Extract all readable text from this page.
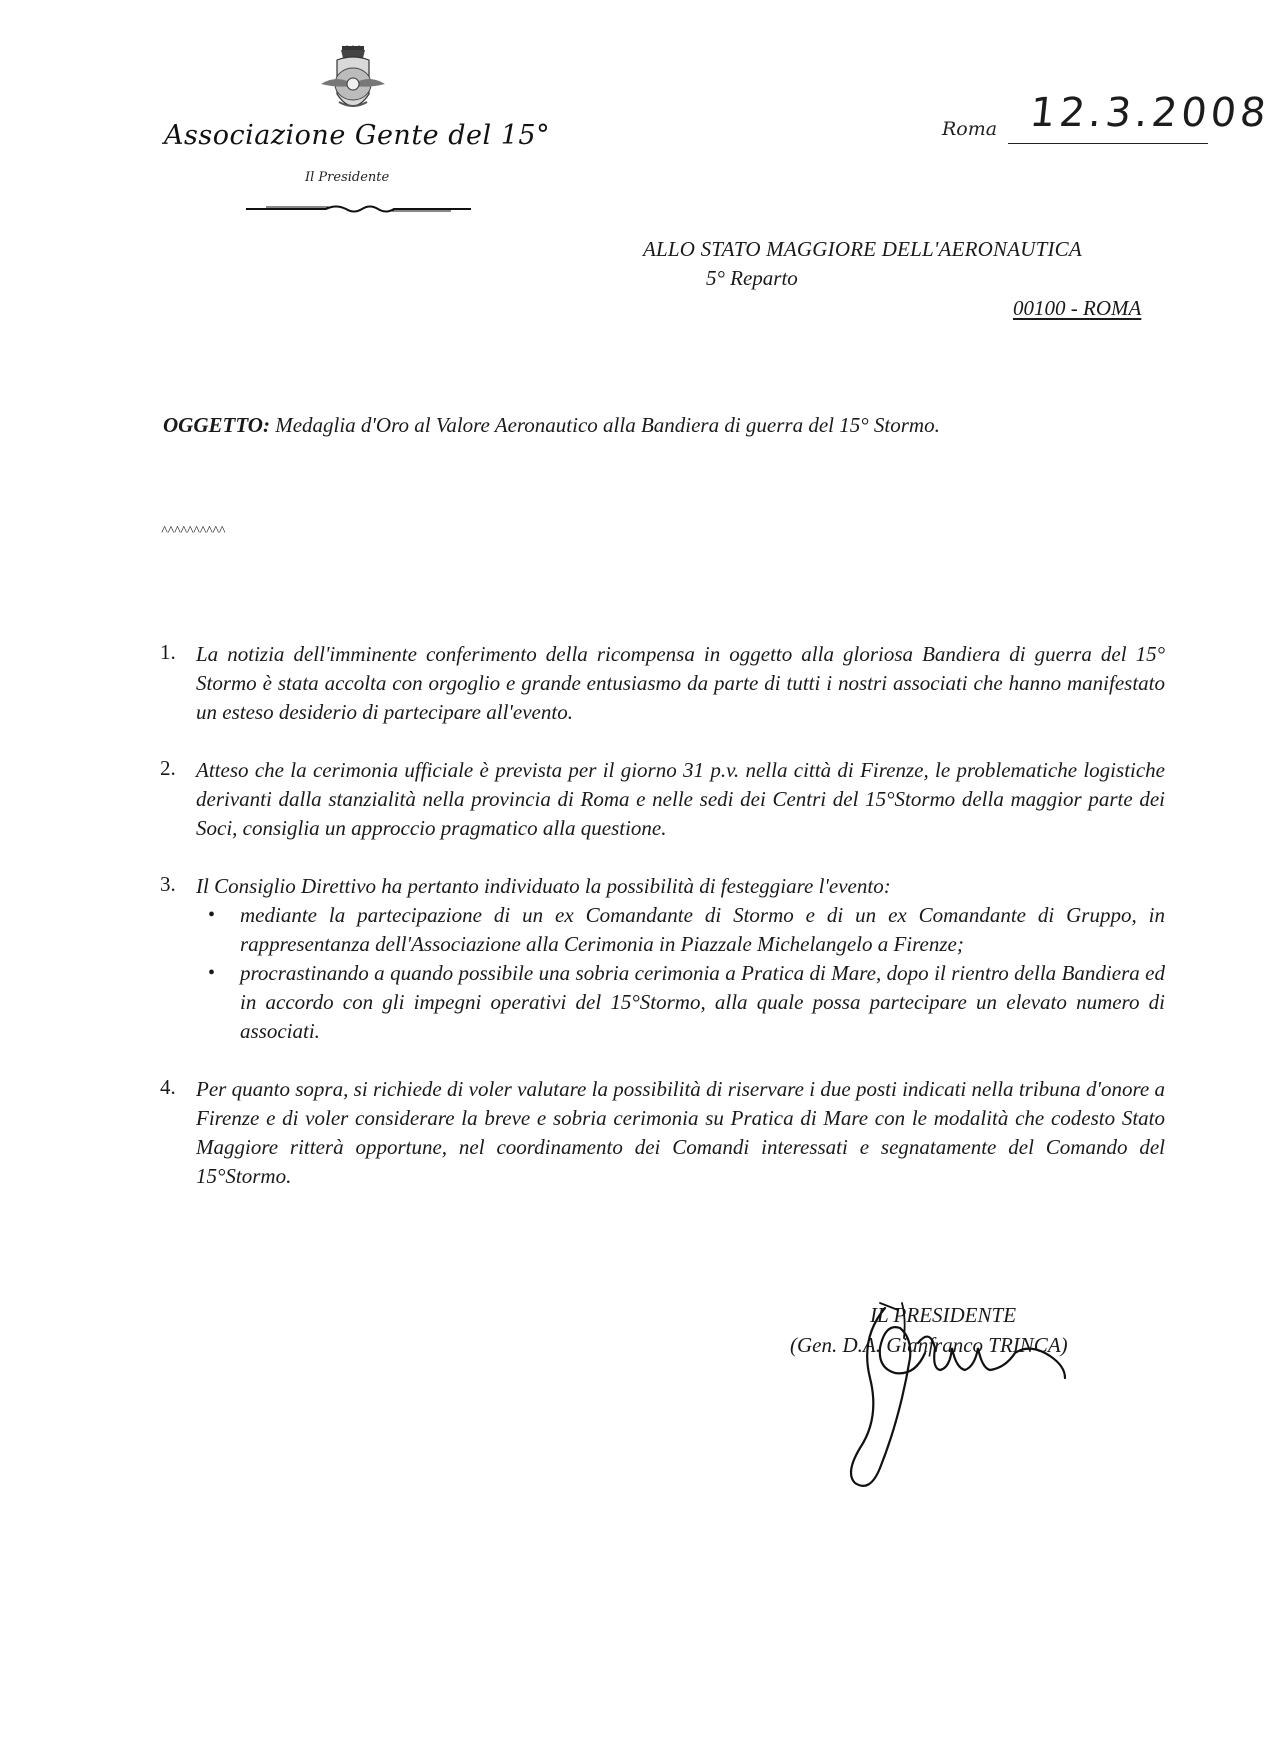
Associazione Gente del 15°
Il Presidente
Roma 12.3.2008
ALLO STATO MAGGIORE DELL'AERONAUTICA
5° Reparto
00100 - ROMA
OGGETTO: Medaglia d'Oro al Valore Aeronautico alla Bandiera di guerra del 15° Stormo.
^^^^^^^^^^
1. La notizia dell'imminente conferimento della ricompensa in oggetto alla gloriosa Bandiera di guerra del 15° Stormo è stata accolta con orgoglio e grande entusiasmo da parte di tutti i nostri associati che hanno manifestato un esteso desiderio di partecipare all'evento.
2. Atteso che la cerimonia ufficiale è prevista per il giorno 31 p.v. nella città di Firenze, le problematiche logistiche derivanti dalla stanzialità nella provincia di Roma e nelle sedi dei Centri del 15°Stormo della maggior parte dei Soci, consiglia un approccio pragmatico alla questione.
3. Il Consiglio Direttivo ha pertanto individuato la possibilità di festeggiare l'evento:
• mediante la partecipazione di un ex Comandante di Stormo e di un ex Comandante di Gruppo, in rappresentanza dell'Associazione alla Cerimonia in Piazzale Michelangelo a Firenze;
• procrastinando a quando possibile una sobria cerimonia a Pratica di Mare, dopo il rientro della Bandiera ed in accordo con gli impegni operativi del 15°Stormo, alla quale possa partecipare un elevato numero di associati.
4. Per quanto sopra, si richiede di voler valutare la possibilità di riservare i due posti indicati nella tribuna d'onore a Firenze e di voler considerare la breve e sobria cerimonia su Pratica di Mare con le modalità che codesto Stato Maggiore ritterà opportune, nel coordinamento dei Comandi interessati e segnatamente del Comando del 15°Stormo.
IL PRESIDENTE
(Gen. D.A. Gianfranco TRINCA)
